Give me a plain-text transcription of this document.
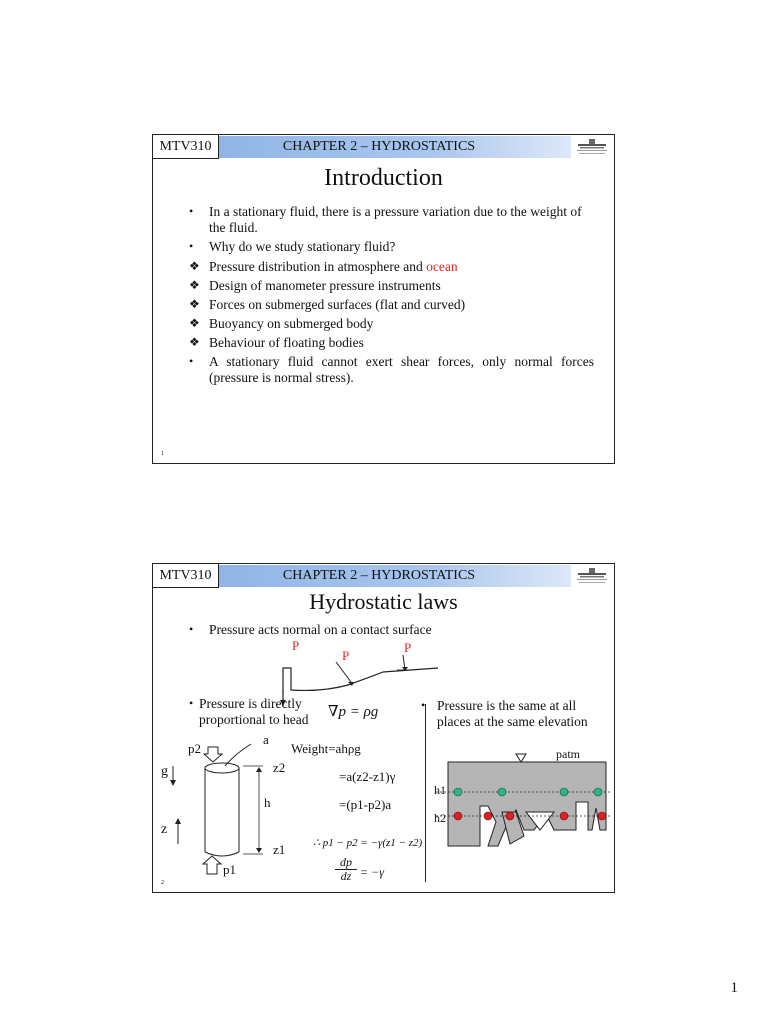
MTV310	CHAPTER 2 – HYDROSTATICS
Introduction
• In a stationary fluid, there is a pressure variation due to the weight of the fluid.
• Why do we study stationary fluid?
❖ Pressure distribution in atmosphere and ocean
❖ Design of manometer pressure instruments
❖ Forces on submerged surfaces (flat and curved)
❖ Buoyancy on submerged body
❖ Behaviour of floating bodies
• A stationary fluid cannot exert shear forces, only normal forces (pressure is normal stress).
1
MTV310	CHAPTER 2 – HYDROSTATICS
Hydrostatic laws
• Pressure acts normal on a contact surface
P
P
P
• Pressure is directly proportional to head	∇p = ρg⃗	• Pressure is the same at all places at the same elevation
a
p2
g
z
z2
h
z1
p1
Weight=ahρg
=a(z2-z1)γ
=(p1-p2)a
∴ p1 − p2 = −γ(z1 − z2)
$\frac{dp}{dz} = -\gamma$
patm
h1
h2
2
1
